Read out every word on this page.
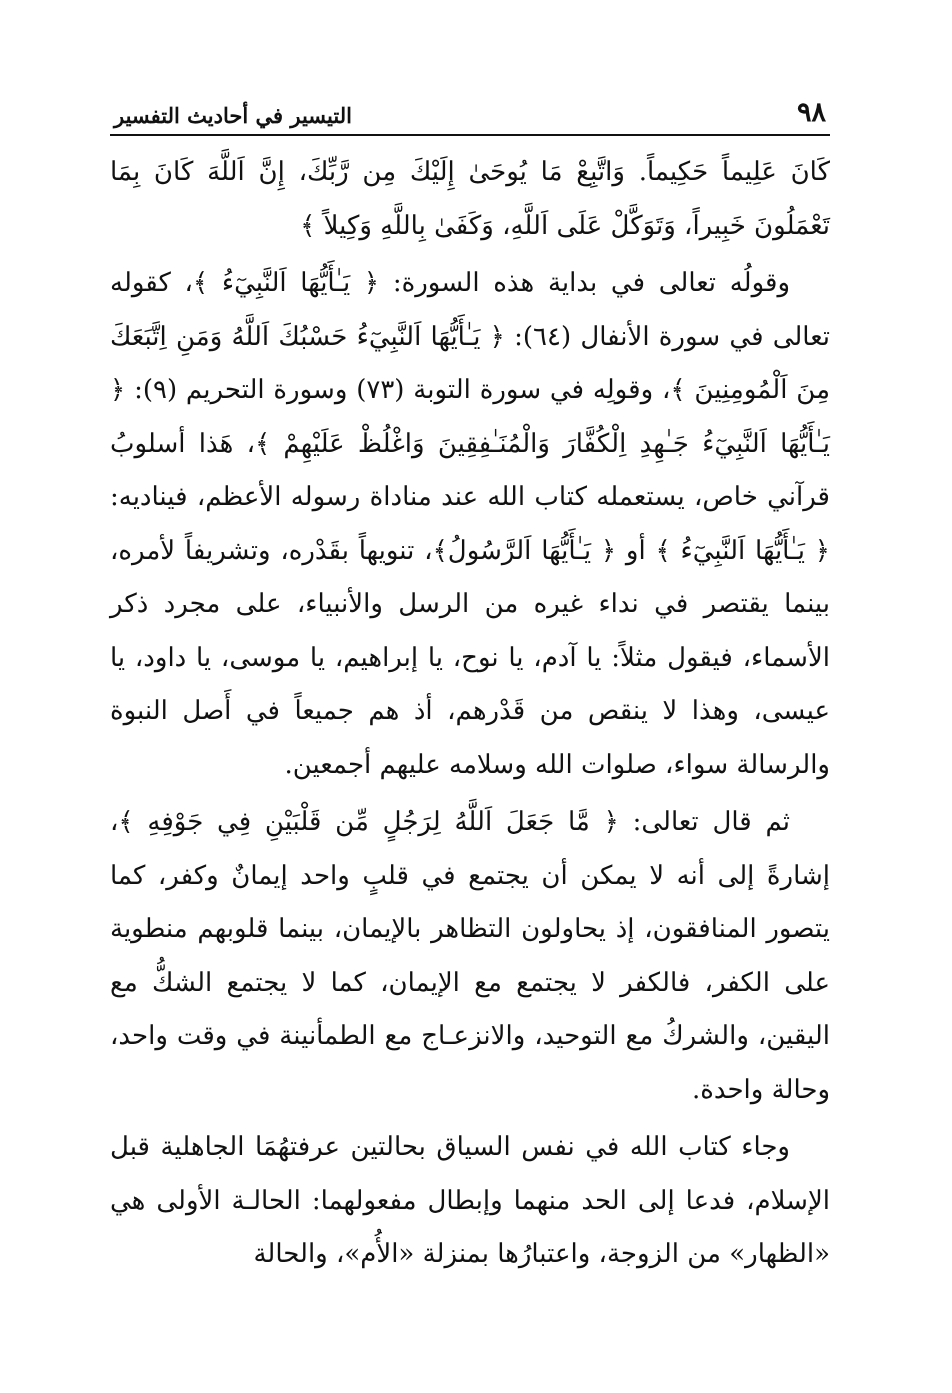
٩٨
التيسير في أحاديث التفسير

كَانَ عَلِيماً حَكِيماً. وَاتَّبِعْ مَا يُوحَىٰ إِلَيْكَ مِن رَّبِّكَ، إِنَّ اَللَّهَ كَانَ بِمَا تَعْمَلُونَ خَبِيراً، وَتَوَكَّلْ عَلَى اَللَّهِ، وَكَفَىٰ بِاللَّهِ وَكِيلاً ﴾

وقولُه تعالى في بداية هذه السورة: ﴿ يَـٰأَيُّهَا اَلنَّبِيٓءُ ﴾، كقوله تعالى في سورة الأنفال (٦٤): ﴿ يَـٰأَيُّهَا اَلنَّبِيٓءُ حَسْبُكَ اَللَّهُ وَمَنِ اِتَّبَعَكَ مِنَ اَلْمُومِنِينَ ﴾، وقولِه في سورة التوبة (٧٣) وسورة التحريم (٩): ﴿ يَـٰأَيُّهَا اَلنَّبِيٓءُ جَـٰهِدِ اِلْكُفَّارَ وَالْمُنَـٰفِقِينَ وَاغْلُظْ عَلَيْهِمْ ﴾، هَذا أسلوبُ قرآني خاص، يستعمله كتاب الله عند مناداة رسوله الأعظم، فيناديه: ﴿ يَـٰأَيُّهَا اَلنَّبِيٓءُ ﴾ أو ﴿ يَـٰأَيُّهَا اَلرَّسُولُ﴾، تنويهاً بقَدْره، وتشريفاً لأمره، بينما يقتصر في نداء غيره من الرسل والأنبياء، على مجرد ذكر الأسماء، فيقول مثلاً: يا آدم، يا نوح، يا إبراهيم، يا موسى، يا داود، يا عيسى، وهذا لا ينقص من قَدْرهم، أذ هم جميعاً في أَصل النبوة والرسالة سواء، صلوات الله وسلامه عليهم أجمعين.

ثم قال تعالى: ﴿ مَّا جَعَلَ اَللَّهُ لِرَجُلٍ مِّن قَلْبَيْنِ فِي جَوْفِهِ ﴾، إشارةً إلى أنه لا يمكن أن يجتمع في قلبٍ واحد إيمانٌ وكفر، كما يتصور المنافقون، إذ يحاولون التظاهر بالإيمان، بينما قلوبهم منطوية على الكفر، فالكفر لا يجتمع مع الإيمان، كما لا يجتمع الشكُّ مع اليقين، والشركُ مع التوحيد، والانزعـاج مع الطمأنينة في وقت واحد، وحالة واحدة.

وجاء كتاب الله في نفس السياق بحالتين عرفتهُمَا الجاهلية قبل الإسلام، فدعا إلى الحد منهما وإبطال مفعولهما: الحالـة الأولى هي «الظهار» من الزوجة، واعتبارُها بمنزلة «الأُم»، والحالة
